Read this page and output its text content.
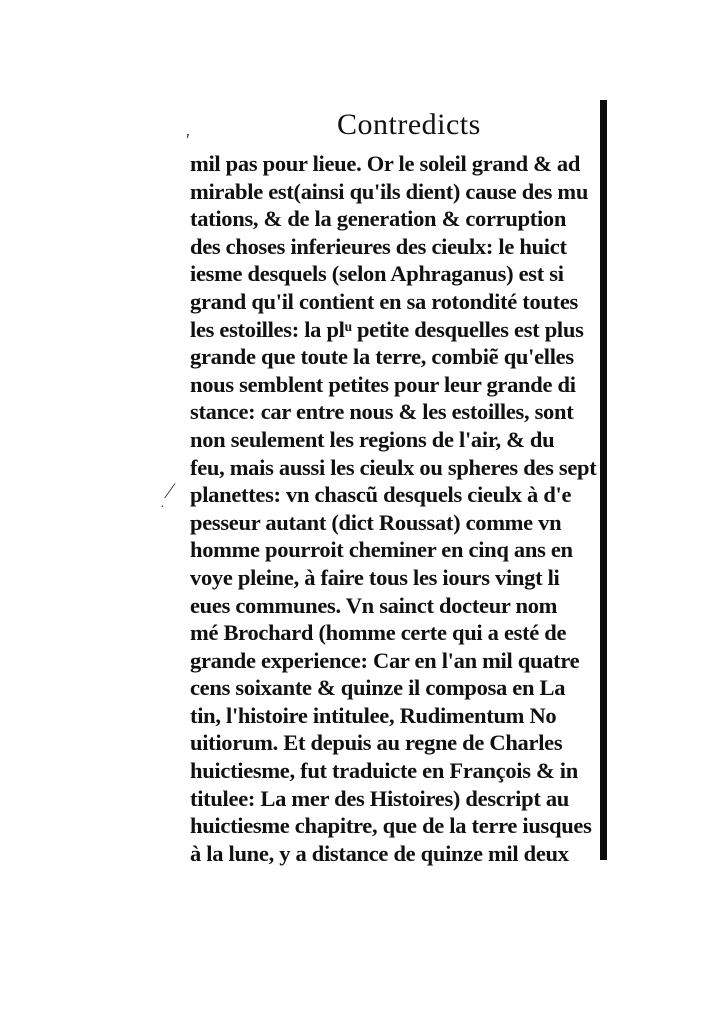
Contredicts
′
⁄
·
mil pas pour lieue. Or le soleil grand & ad
mirable est(ainsi qu'ils dient) cause des mu
tations, & de la generation & corruption
des choses inferieures des cieulx: le huict
iesme desquels (selon Aphraganus) est si
grand qu'il contient en sa rotondité toutes
les estoilles: la plᵘ petite desquelles est plus
grande que toute la terre, combiẽ qu'elles
nous semblent petites pour leur grande di
stance: car entre nous & les estoilles, sont
non seulement les regions de l'air, & du
feu, mais aussi les cieulx ou spheres des sept
planettes: vn chascũ desquels cieulx à d'e
pesseur autant (dict Roussat) comme vn
homme pourroit cheminer en cinq ans en
voye pleine, à faire tous les iours vingt li
eues communes. Vn sainct docteur nom
mé Brochard (homme certe qui a esté de
grande experience: Car en l'an mil quatre
cens soixante & quinze il composa en La
tin, l'histoire intitulee, Rudimentum No
uitiorum. Et depuis au regne de Charles
huictiesme, fut traduicte en François & in
titulee: La mer des Histoires) descript au
huictiesme chapitre, que de la terre iusques
à la lune, y a distance de quinze mil deux
